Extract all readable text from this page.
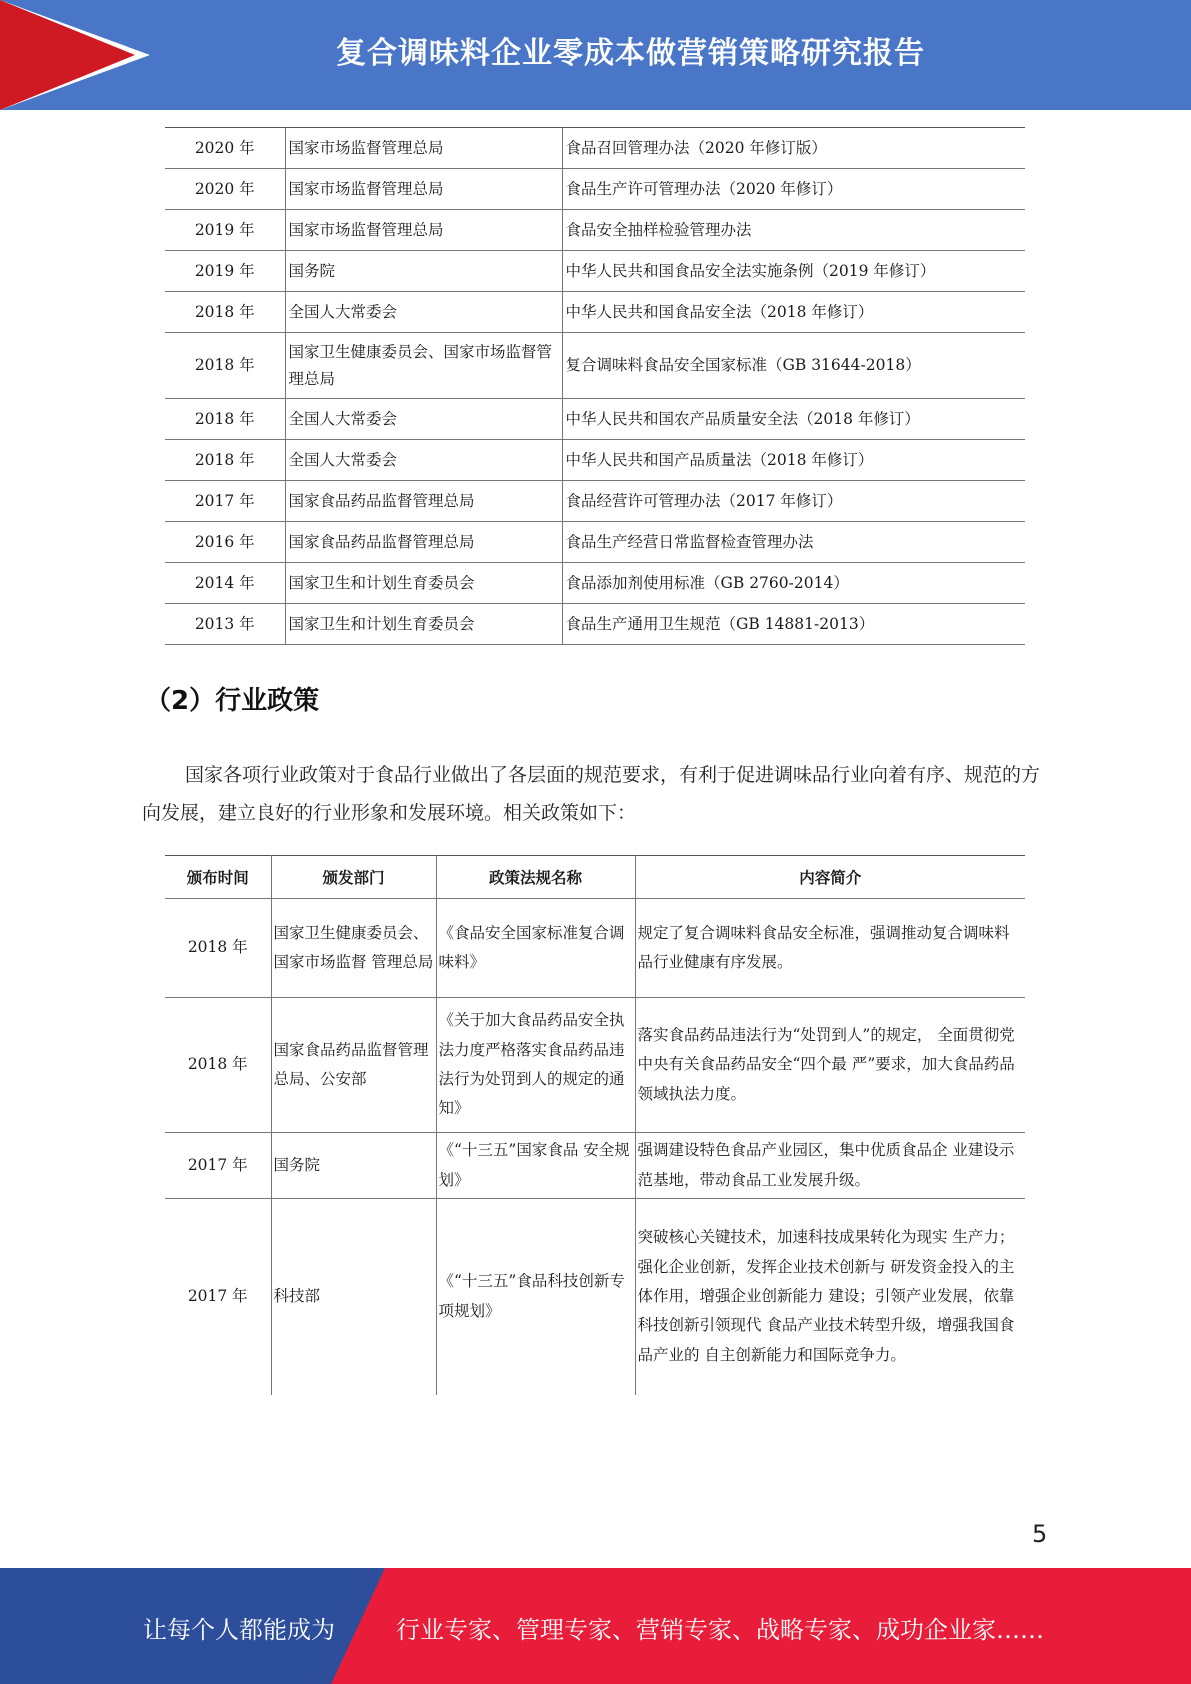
复合调味料企业零成本做营销策略研究报告
2020 年	国家市场监督管理总局	食品召回管理办法（2020 年修订版）
2020 年	国家市场监督管理总局	食品生产许可管理办法（2020 年修订）
2019 年	国家市场监督管理总局	食品安全抽样检验管理办法
2019 年	国务院	中华人民共和国食品安全法实施条例（2019 年修订）
2018 年	全国人大常委会	中华人民共和国食品安全法（2018 年修订）
2018 年	国家卫生健康委员会、国家市场监督管理总局	复合调味料食品安全国家标准（GB 31644-2018）
2018 年	全国人大常委会	中华人民共和国农产品质量安全法（2018 年修订）
2018 年	全国人大常委会	中华人民共和国产品质量法（2018 年修订）
2017 年	国家食品药品监督管理总局	食品经营许可管理办法（2017 年修订）
2016 年	国家食品药品监督管理总局	食品生产经营日常监督检查管理办法
2014 年	国家卫生和计划生育委员会	食品添加剂使用标准（GB 2760-2014）
2013 年	国家卫生和计划生育委员会	食品生产通用卫生规范（GB 14881-2013）
（2）行业政策

国家各项行业政策对于食品行业做出了各层面的规范要求，有利于促进调味品行业向着有序、规范的方向发展，建立良好的行业形象和发展环境。相关政策如下：

颁布时间	颁发部门	政策法规名称	内容简介
2018 年	国家卫生健康委员会、国家市场监督 管理总局	《食品安全国家标准复合调味料》	规定了复合调味料食品安全标准，强调推动复合调味料品行业健康有序发展。
2018 年	国家食品药品监督管理总局、公安部	《关于加大食品药品安全执法力度严格落实食品药品违法行为处罚到人的规定的通知》	落实食品药品违法行为“处罚到人”的规定， 全面贯彻党中央有关食品药品安全“四个最 严”要求，加大食品药品领域执法力度。
2017 年	国务院	《“十三五”国家食品 安全规划》	强调建设特色食品产业园区，集中优质食品企 业建设示范基地，带动食品工业发展升级。
2017 年	科技部	《“十三五”食品科技创新专项规划》	突破核心关键技术，加速科技成果转化为现实 生产力；强化企业创新，发挥企业技术创新与 研发资金投入的主体作用，增强企业创新能力 建设；引领产业发展，依靠科技创新引领现代 食品产业技术转型升级，增强我国食品产业的 自主创新能力和国际竞争力。
5
让每个人都能成为	行业专家、管理专家、营销专家、战略专家、成功企业家……
